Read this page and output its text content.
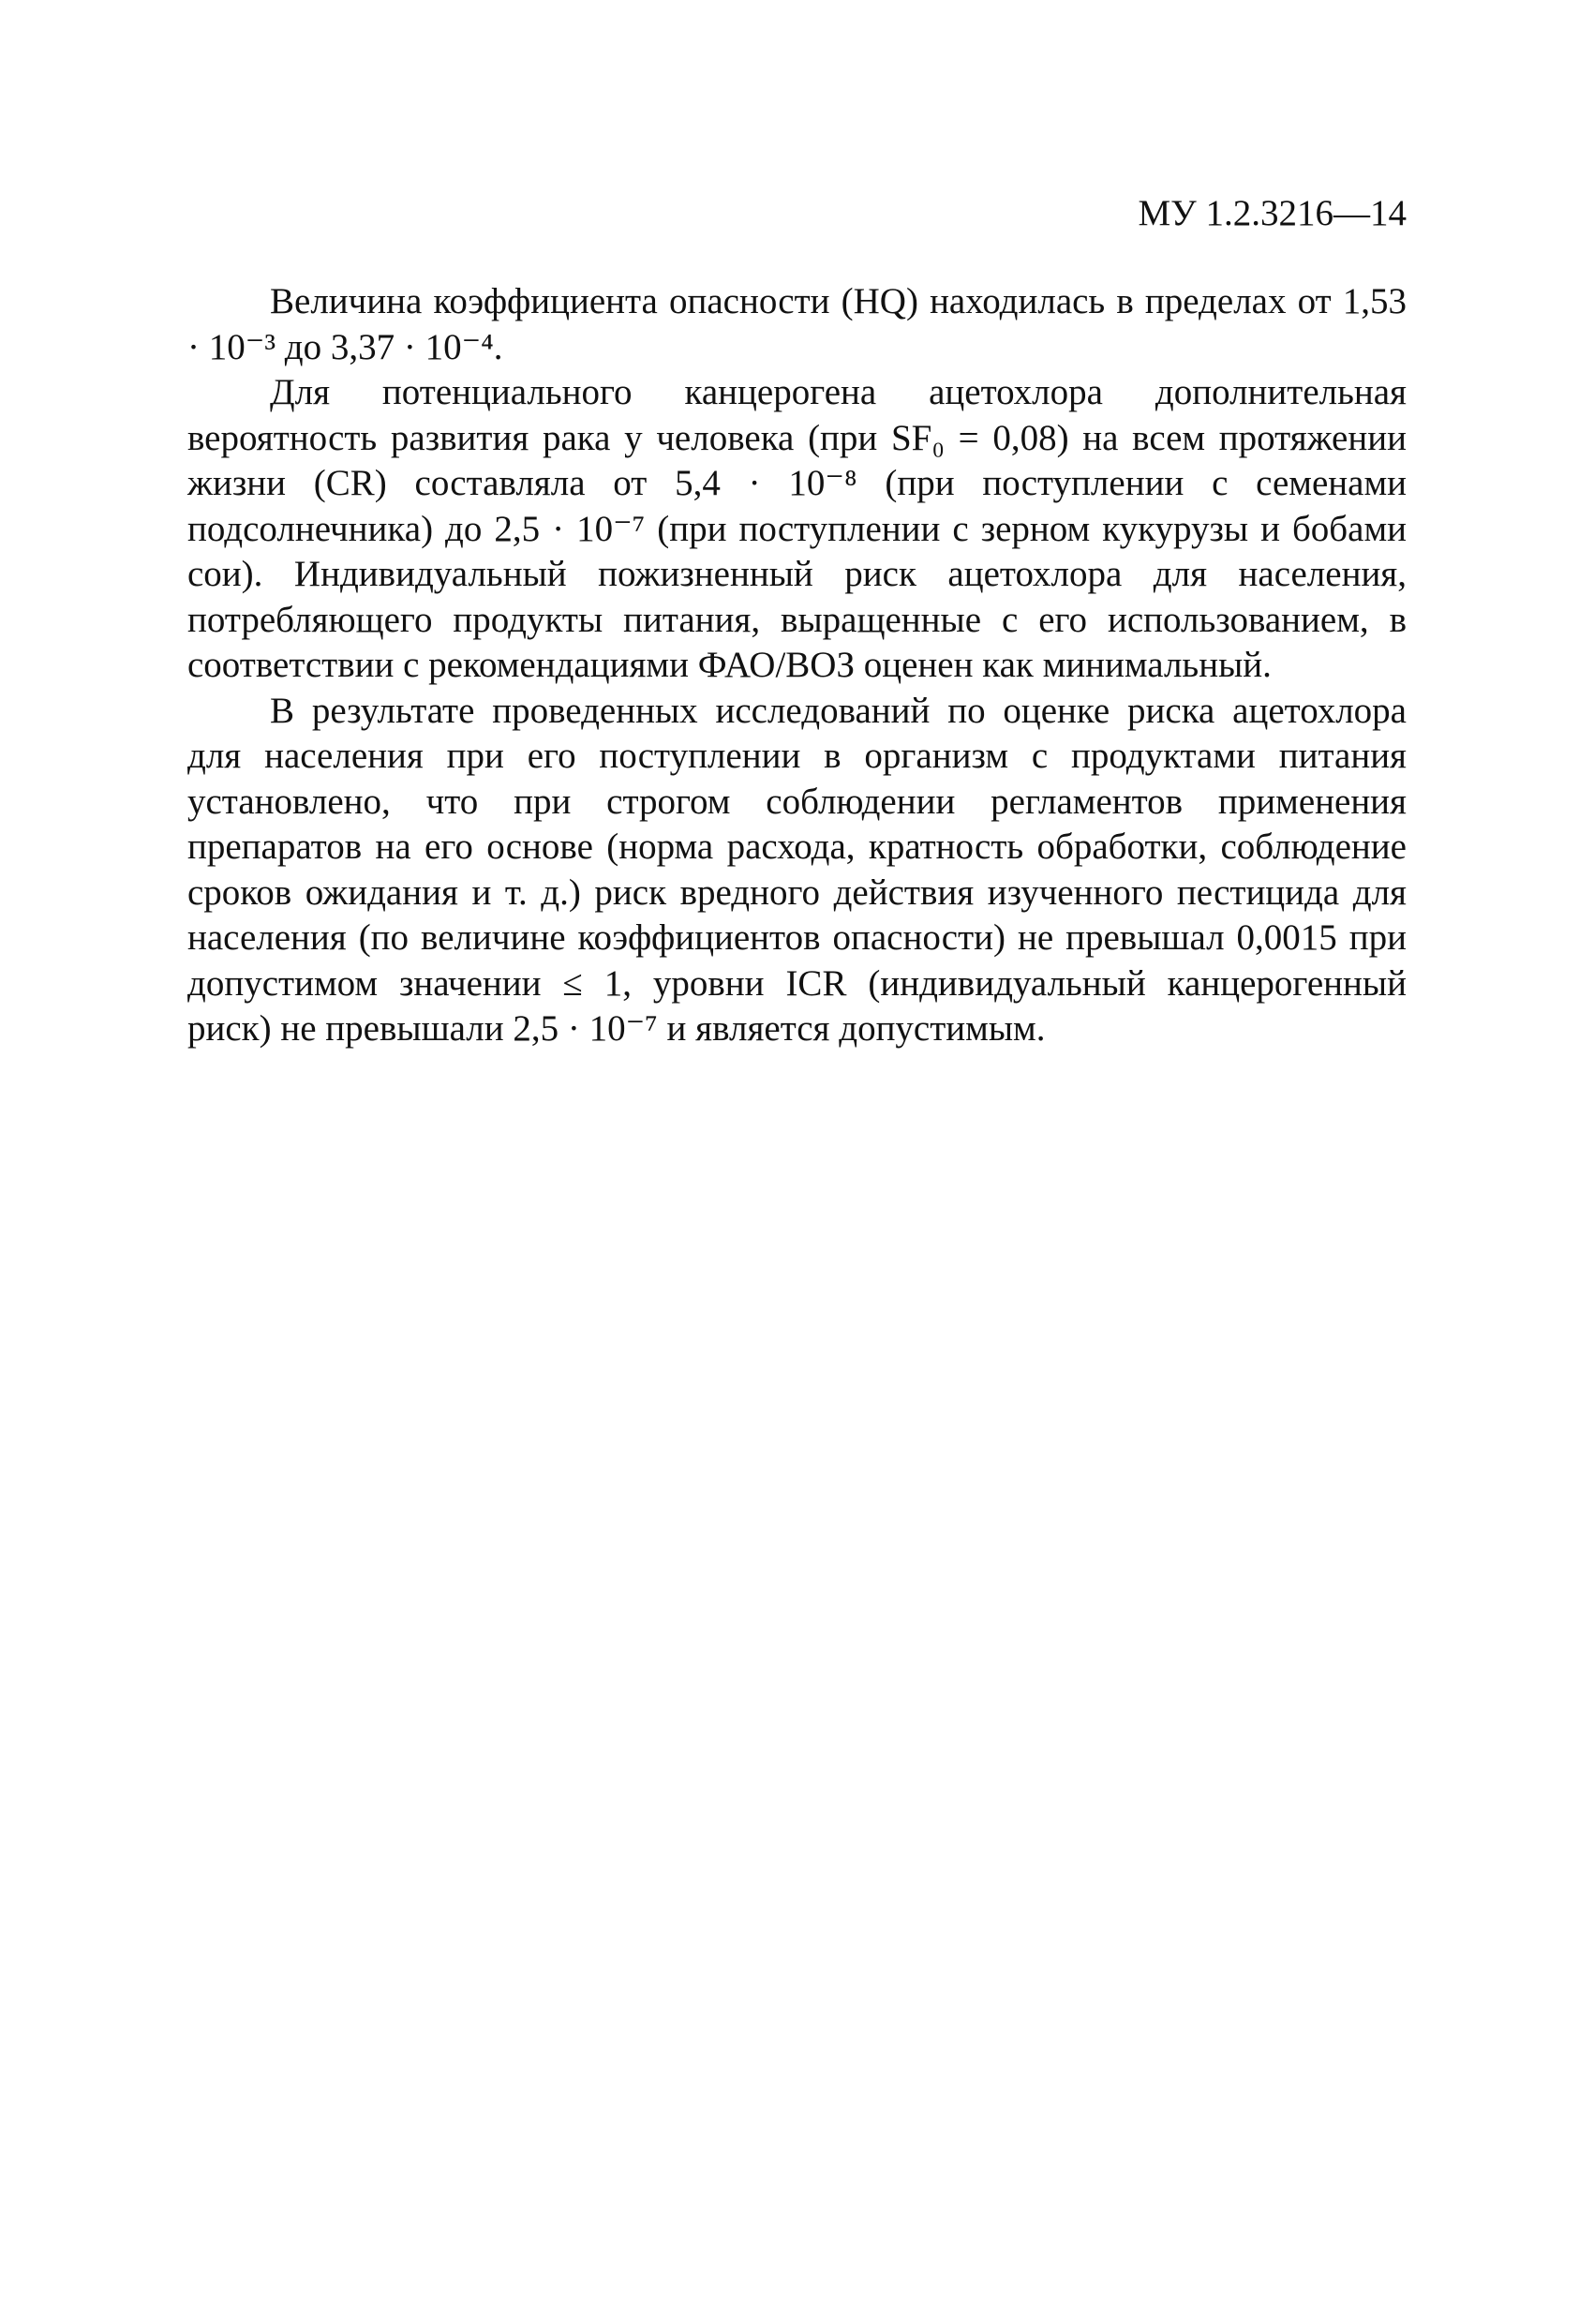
МУ 1.2.3216—14

Величина коэффициента опасности (HQ) находилась в пределах от 1,53 · 10⁻³ до 3,37 · 10⁻⁴.

Для потенциального канцерогена ацетохлора дополнительная вероятность развития рака у человека (при SF₀ = 0,08) на всем протяжении жизни (CR) составляла от 5,4 · 10⁻⁸ (при поступлении с семенами подсолнечника) до 2,5 · 10⁻⁷ (при поступлении с зерном кукурузы и бобами сои). Индивидуальный пожизненный риск ацетохлора для населения, потребляющего продукты питания, выращенные с его использованием, в соответствии с рекомендациями ФАО/ВОЗ оценен как минимальный.

В результате проведенных исследований по оценке риска ацетохлора для населения при его поступлении в организм с продуктами питания установлено, что при строгом соблюдении регламентов применения препаратов на его основе (норма расхода, кратность обработки, соблюдение сроков ожидания и т. д.) риск вредного действия изученного пестицида для населения (по величине коэффициентов опасности) не превышал 0,0015 при допустимом значении ≤ 1, уровни ICR (индивидуальный канцерогенный риск) не превышали 2,5 · 10⁻⁷ и является допустимым.
